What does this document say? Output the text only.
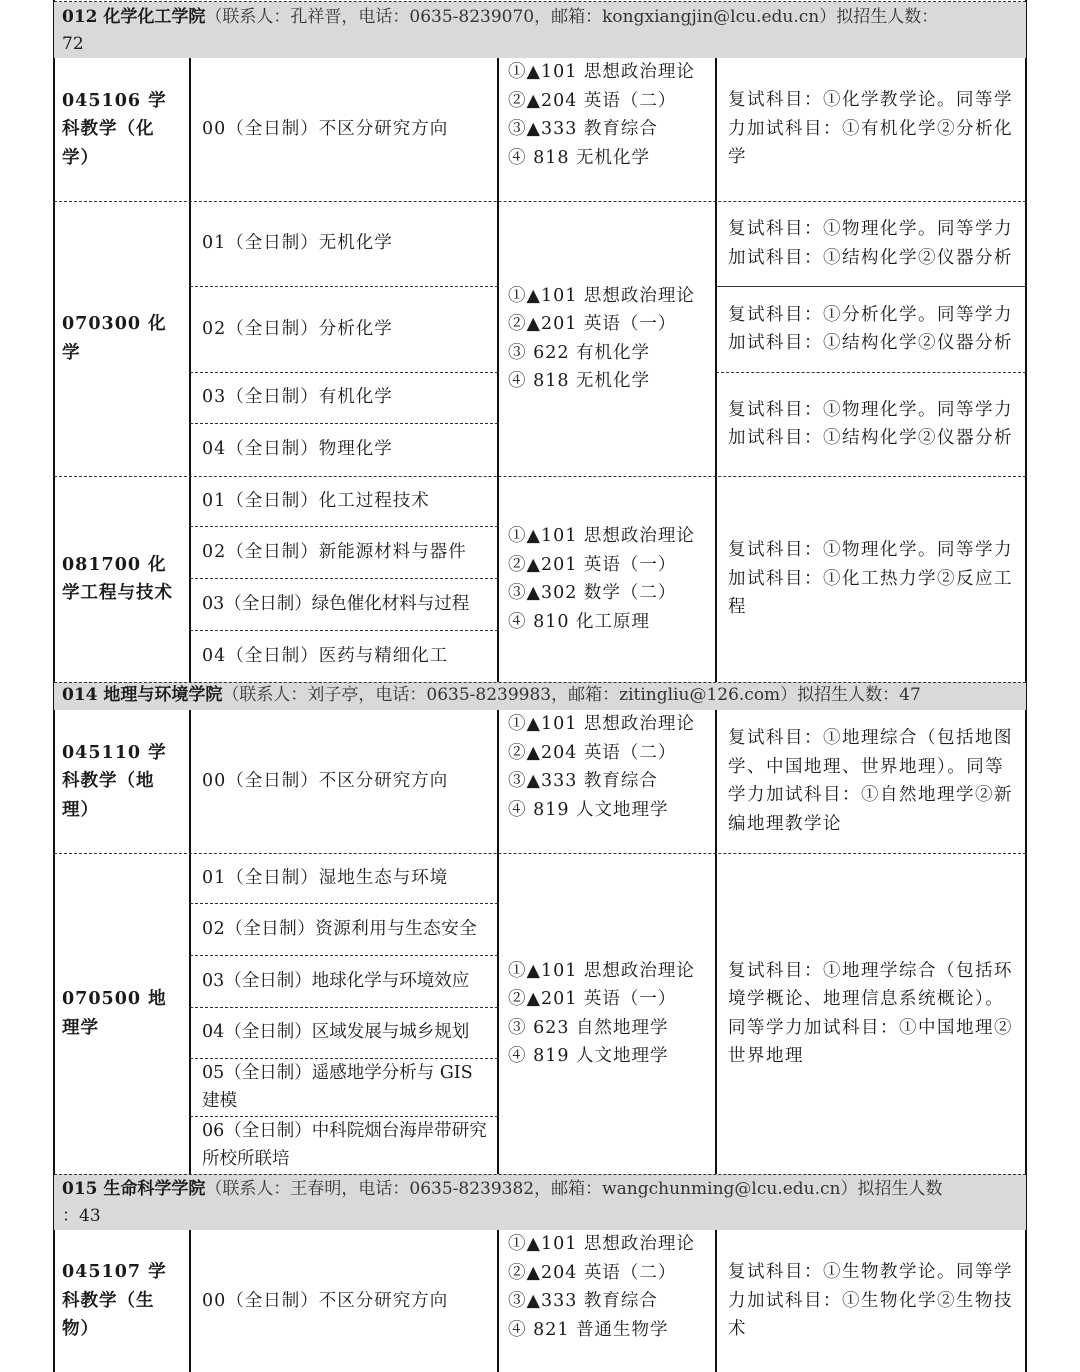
012 化学化工学院（联系人：孔祥晋，电话：0635-8239070，邮箱：kongxiangjin@lcu.edu.cn）拟招生人数：
72
045106 学科教学（化学）
00（全日制）不区分研究方向
①▲101 思想政治理论
②▲204 英语（二）
③▲333 教育综合
④ 818 无机化学
复试科目：①化学教学论。同等学力加试科目：①有机化学②分析化学
070300 化学
01（全日制）无机化学
02（全日制）分析化学
03（全日制）有机化学
04（全日制）物理化学
①▲101 思想政治理论
②▲201 英语（一）
③ 622 有机化学
④ 818 无机化学
复试科目：①物理化学。同等学力加试科目：①结构化学②仪器分析
复试科目：①分析化学。同等学力加试科目：①结构化学②仪器分析
复试科目：①物理化学。同等学力加试科目：①结构化学②仪器分析
081700 化学工程与技术
01（全日制）化工过程技术
02（全日制）新能源材料与器件
03（全日制）绿色催化材料与过程
04（全日制）医药与精细化工
①▲101 思想政治理论
②▲201 英语（一）
③▲302 数学（二）
④ 810 化工原理
复试科目：①物理化学。同等学力加试科目：①化工热力学②反应工程
014 地理与环境学院（联系人：刘子亭，电话：0635-8239983，邮箱：zitingliu@126.com）拟招生人数：47
045110 学科教学（地理）
00（全日制）不区分研究方向
①▲101 思想政治理论
②▲204 英语（二）
③▲333 教育综合
④ 819 人文地理学
复试科目：①地理综合（包括地图学、中国地理、世界地理）。同等学力加试科目：①自然地理学②新编地理教学论
070500 地理学
01（全日制）湿地生态与环境
02（全日制）资源利用与生态安全
03（全日制）地球化学与环境效应
04（全日制）区域发展与城乡规划
05（全日制）遥感地学分析与 GIS 建模
06（全日制）中科院烟台海岸带研究所校所联培
①▲101 思想政治理论
②▲201 英语（一）
③ 623 自然地理学
④ 819 人文地理学
复试科目：①地理学综合（包括环境学概论、地理信息系统概论）。同等学力加试科目：①中国地理②世界地理
015 生命科学学院（联系人：王春明，电话：0635-8239382，邮箱：wangchunming@lcu.edu.cn）拟招生人数
：43
045107 学科教学（生物）
00（全日制）不区分研究方向
①▲101 思想政治理论
②▲204 英语（二）
③▲333 教育综合
④ 821 普通生物学
复试科目：①生物教学论。同等学力加试科目：①生物化学②生物技术
